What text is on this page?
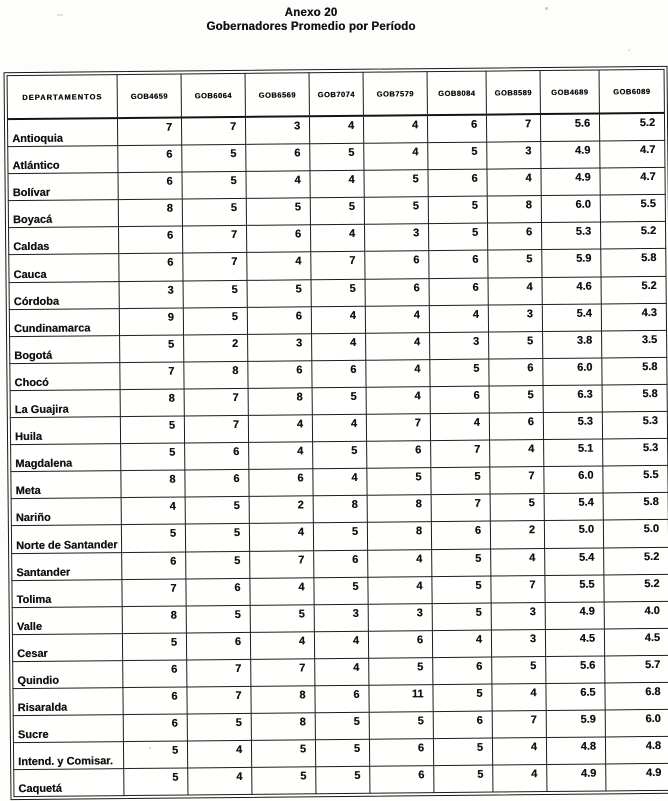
Anexo 20
Gobernadores Promedio por Período
DEPARTAMENTOS	GOB4659	GOB6064	GOB6569	GOB7074	GOB7579	GOB8084	GOB8589	GOB4689	GOB6089
Antioquia	7	7	3	4	4	6	7	5.6	5.2
Atlántico	6	5	6	5	4	5	3	4.9	4.7
Bolívar	6	5	4	4	5	6	4	4.9	4.7
Boyacá	8	5	5	5	5	5	8	6.0	5.5
Caldas	6	7	6	4	3	5	6	5.3	5.2
Cauca	6	7	4	7	6	6	5	5.9	5.8
Córdoba	3	5	5	5	6	6	4	4.6	5.2
Cundinamarca	9	5	6	4	4	4	3	5.4	4.3
Bogotá	5	2	3	4	4	3	5	3.8	3.5
Chocó	7	8	6	6	4	5	6	6.0	5.8
La Guajira	8	7	8	5	4	6	5	6.3	5.8
Huila	5	7	4	4	7	4	6	5.3	5.3
Magdalena	5	6	4	5	6	7	4	5.1	5.3
Meta	8	6	6	4	5	5	7	6.0	5.5
Nariño	4	5	2	8	8	7	5	5.4	5.8
Norte de Santander	5	5	4	5	8	6	2	5.0	5.0
Santander	6	5	7	6	4	5	4	5.4	5.2
Tolima	7	6	4	5	4	5	7	5.5	5.2
Valle	8	5	5	3	3	5	3	4.9	4.0
Cesar	5	6	4	4	6	4	3	4.5	4.5
Quindio	6	7	7	4	5	6	5	5.6	5.7
Risaralda	6	7	8	6	11	5	4	6.5	6.8
Sucre	6	5	8	5	5	6	7	5.9	6.0
Intend. y Comisar.	5	4	5	5	6	5	4	4.8	4.8
Caquetá	5	4	5	5	6	5	4	4.9	4.9
